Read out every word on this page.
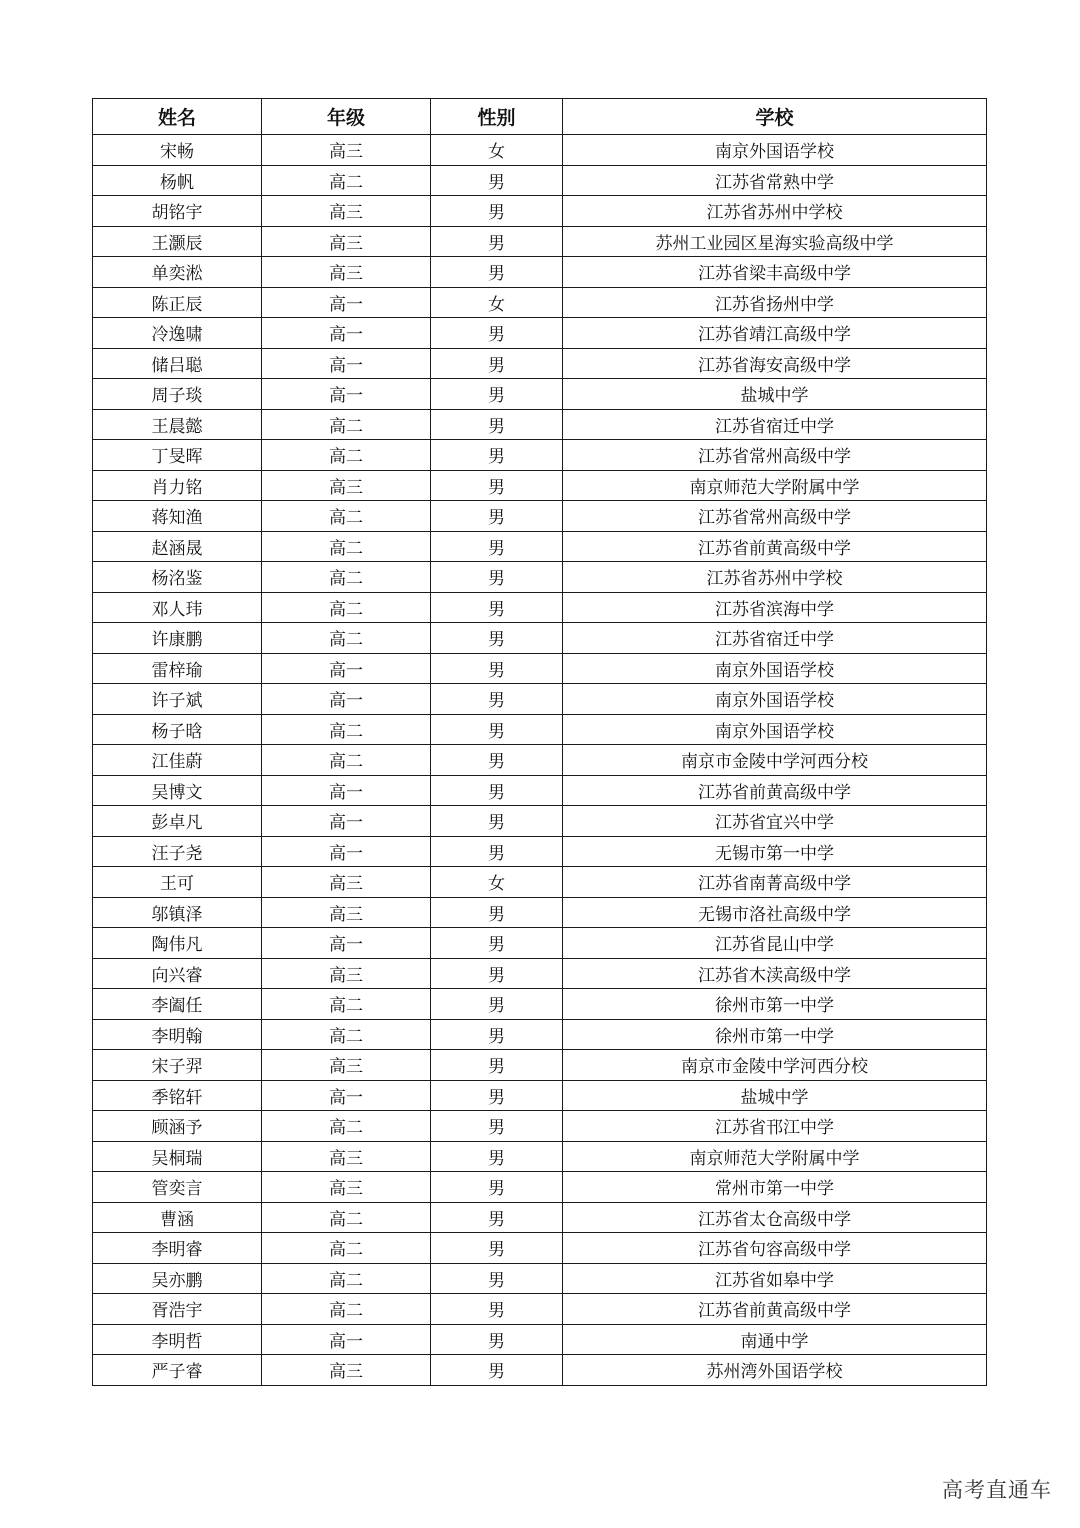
姓名	年级	性别	学校
宋畅	高三	女	南京外国语学校
杨帆	高二	男	江苏省常熟中学
胡铭宇	高三	男	江苏省苏州中学校
王灏辰	高三	男	苏州工业园区星海实验高级中学
单奕淞	高三	男	江苏省梁丰高级中学
陈正辰	高一	女	江苏省扬州中学
冷逸啸	高一	男	江苏省靖江高级中学
储吕聪	高一	男	江苏省海安高级中学
周子琰	高一	男	盐城中学
王晨懿	高二	男	江苏省宿迁中学
丁旻晖	高二	男	江苏省常州高级中学
肖力铭	高三	男	南京师范大学附属中学
蒋知渔	高二	男	江苏省常州高级中学
赵涵晟	高二	男	江苏省前黄高级中学
杨洺鉴	高二	男	江苏省苏州中学校
邓人玮	高二	男	江苏省滨海中学
许康鹏	高二	男	江苏省宿迁中学
雷梓瑜	高一	男	南京外国语学校
许子斌	高一	男	南京外国语学校
杨子晗	高二	男	南京外国语学校
江佳蔚	高二	男	南京市金陵中学河西分校
吴博文	高一	男	江苏省前黄高级中学
彭卓凡	高一	男	江苏省宜兴中学
汪子尧	高一	男	无锡市第一中学
王可	高三	女	江苏省南菁高级中学
邬镇泽	高三	男	无锡市洛社高级中学
陶伟凡	高一	男	江苏省昆山中学
向兴睿	高三	男	江苏省木渎高级中学
李阖任	高二	男	徐州市第一中学
李明翰	高二	男	徐州市第一中学
宋子羿	高三	男	南京市金陵中学河西分校
季铭轩	高一	男	盐城中学
顾涵予	高二	男	江苏省邗江中学
吴桐瑞	高三	男	南京师范大学附属中学
管奕言	高三	男	常州市第一中学
曹涵	高二	男	江苏省太仓高级中学
李明睿	高二	男	江苏省句容高级中学
吴亦鹏	高二	男	江苏省如皋中学
胥浩宇	高二	男	江苏省前黄高级中学
李明哲	高一	男	南通中学
严子睿	高三	男	苏州湾外国语学校
高考直通车
